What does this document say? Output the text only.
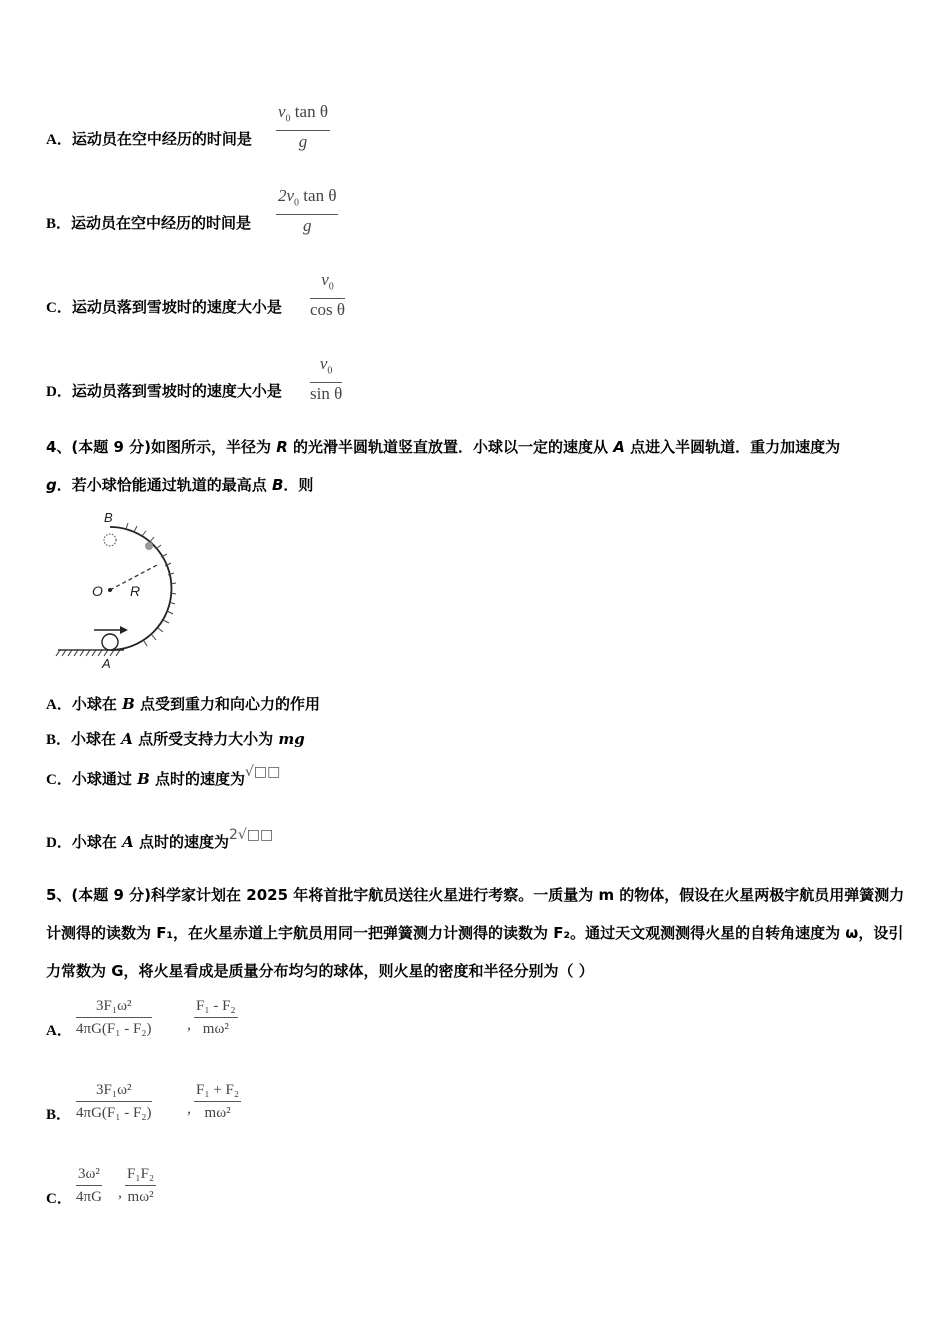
A．运动员在空中经历的时间是 $\frac{v_0 \tan \theta}{g}$
B．运动员在空中经历的时间是 $\frac{2v_0 \tan \theta}{g}$
C．运动员落到雪坡时的速度大小是 $\frac{v_0}{\text{cos θ}}$
D．运动员落到雪坡时的速度大小是 $\frac{v_0}{\text{sin θ}}$
4、(本题 9 分)如图所示，半径为 R 的光滑半圆轨道竖直放置．小球以一定的速度从 A 点进入半圆轨道．重力加速度为
g．若小球恰能通过轨道的最高点 B．则
B
O R
A
A．小球在 B 点受到重力和向心力的作用
B．小球在 A 点所受支持力大小为 mg
C．小球通过 B 点时的速度为√□□
D．小球在 A 点时的速度为2√□□
5、(本题 9 分)科学家计划在 2025 年将首批宇航员送往火星进行考察。一质量为 m 的物体，假设在火星两极宇航员用弹簧测力计测得的读数为 F₁，在火星赤道上宇航员用同一把弹簧测力计测得的读数为 F₂。通过天文观测测得火星的自转角速度为 ω，设引力常数为 G，将火星看成是质量分布均匀的球体，则火星的密度和半径分别为（ ）
A． $\frac{\text{3F₁ω²}}{\text{4πG(F₁ - F₂)}}$ , $\frac{\text{F₁ - F₂}}{\text{mω²}}$
B． $\frac{\text{3F₁ω²}}{\text{4πG(F₁ - F₂)}}$ , $\frac{\text{F₁ + F₂}}{\text{mω²}}$
C． $\frac{\text{3ω²}}{4\pi G}$ , $\frac{\text{F₁F₂}}{\text{mω²}}$
